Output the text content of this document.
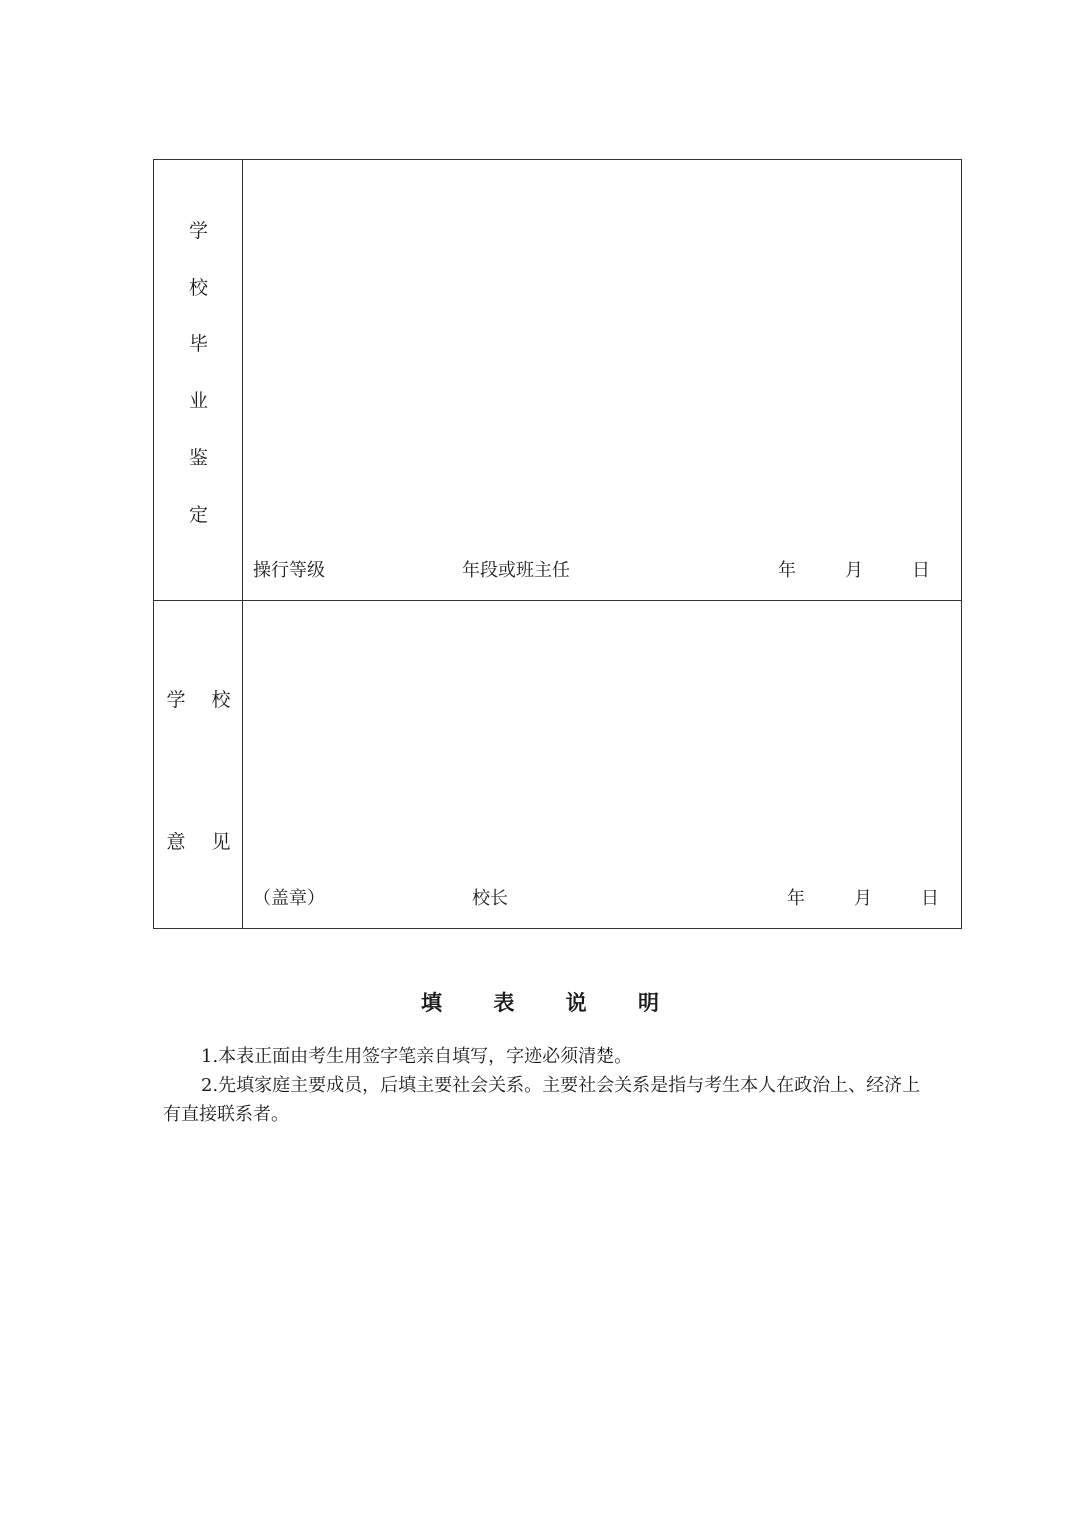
学
校
毕
业
鉴
定
操行等级	年段或班主任	年	月	日
学 校
意 见
（盖章）	校长	年	月	日
填 表 说 明

1.本表正面由考生用签字笔亲自填写，字迹必须清楚。

2.先填家庭主要成员，后填主要社会关系。主要社会关系是指与考生本人在政治上、经济上有直接联系者。
